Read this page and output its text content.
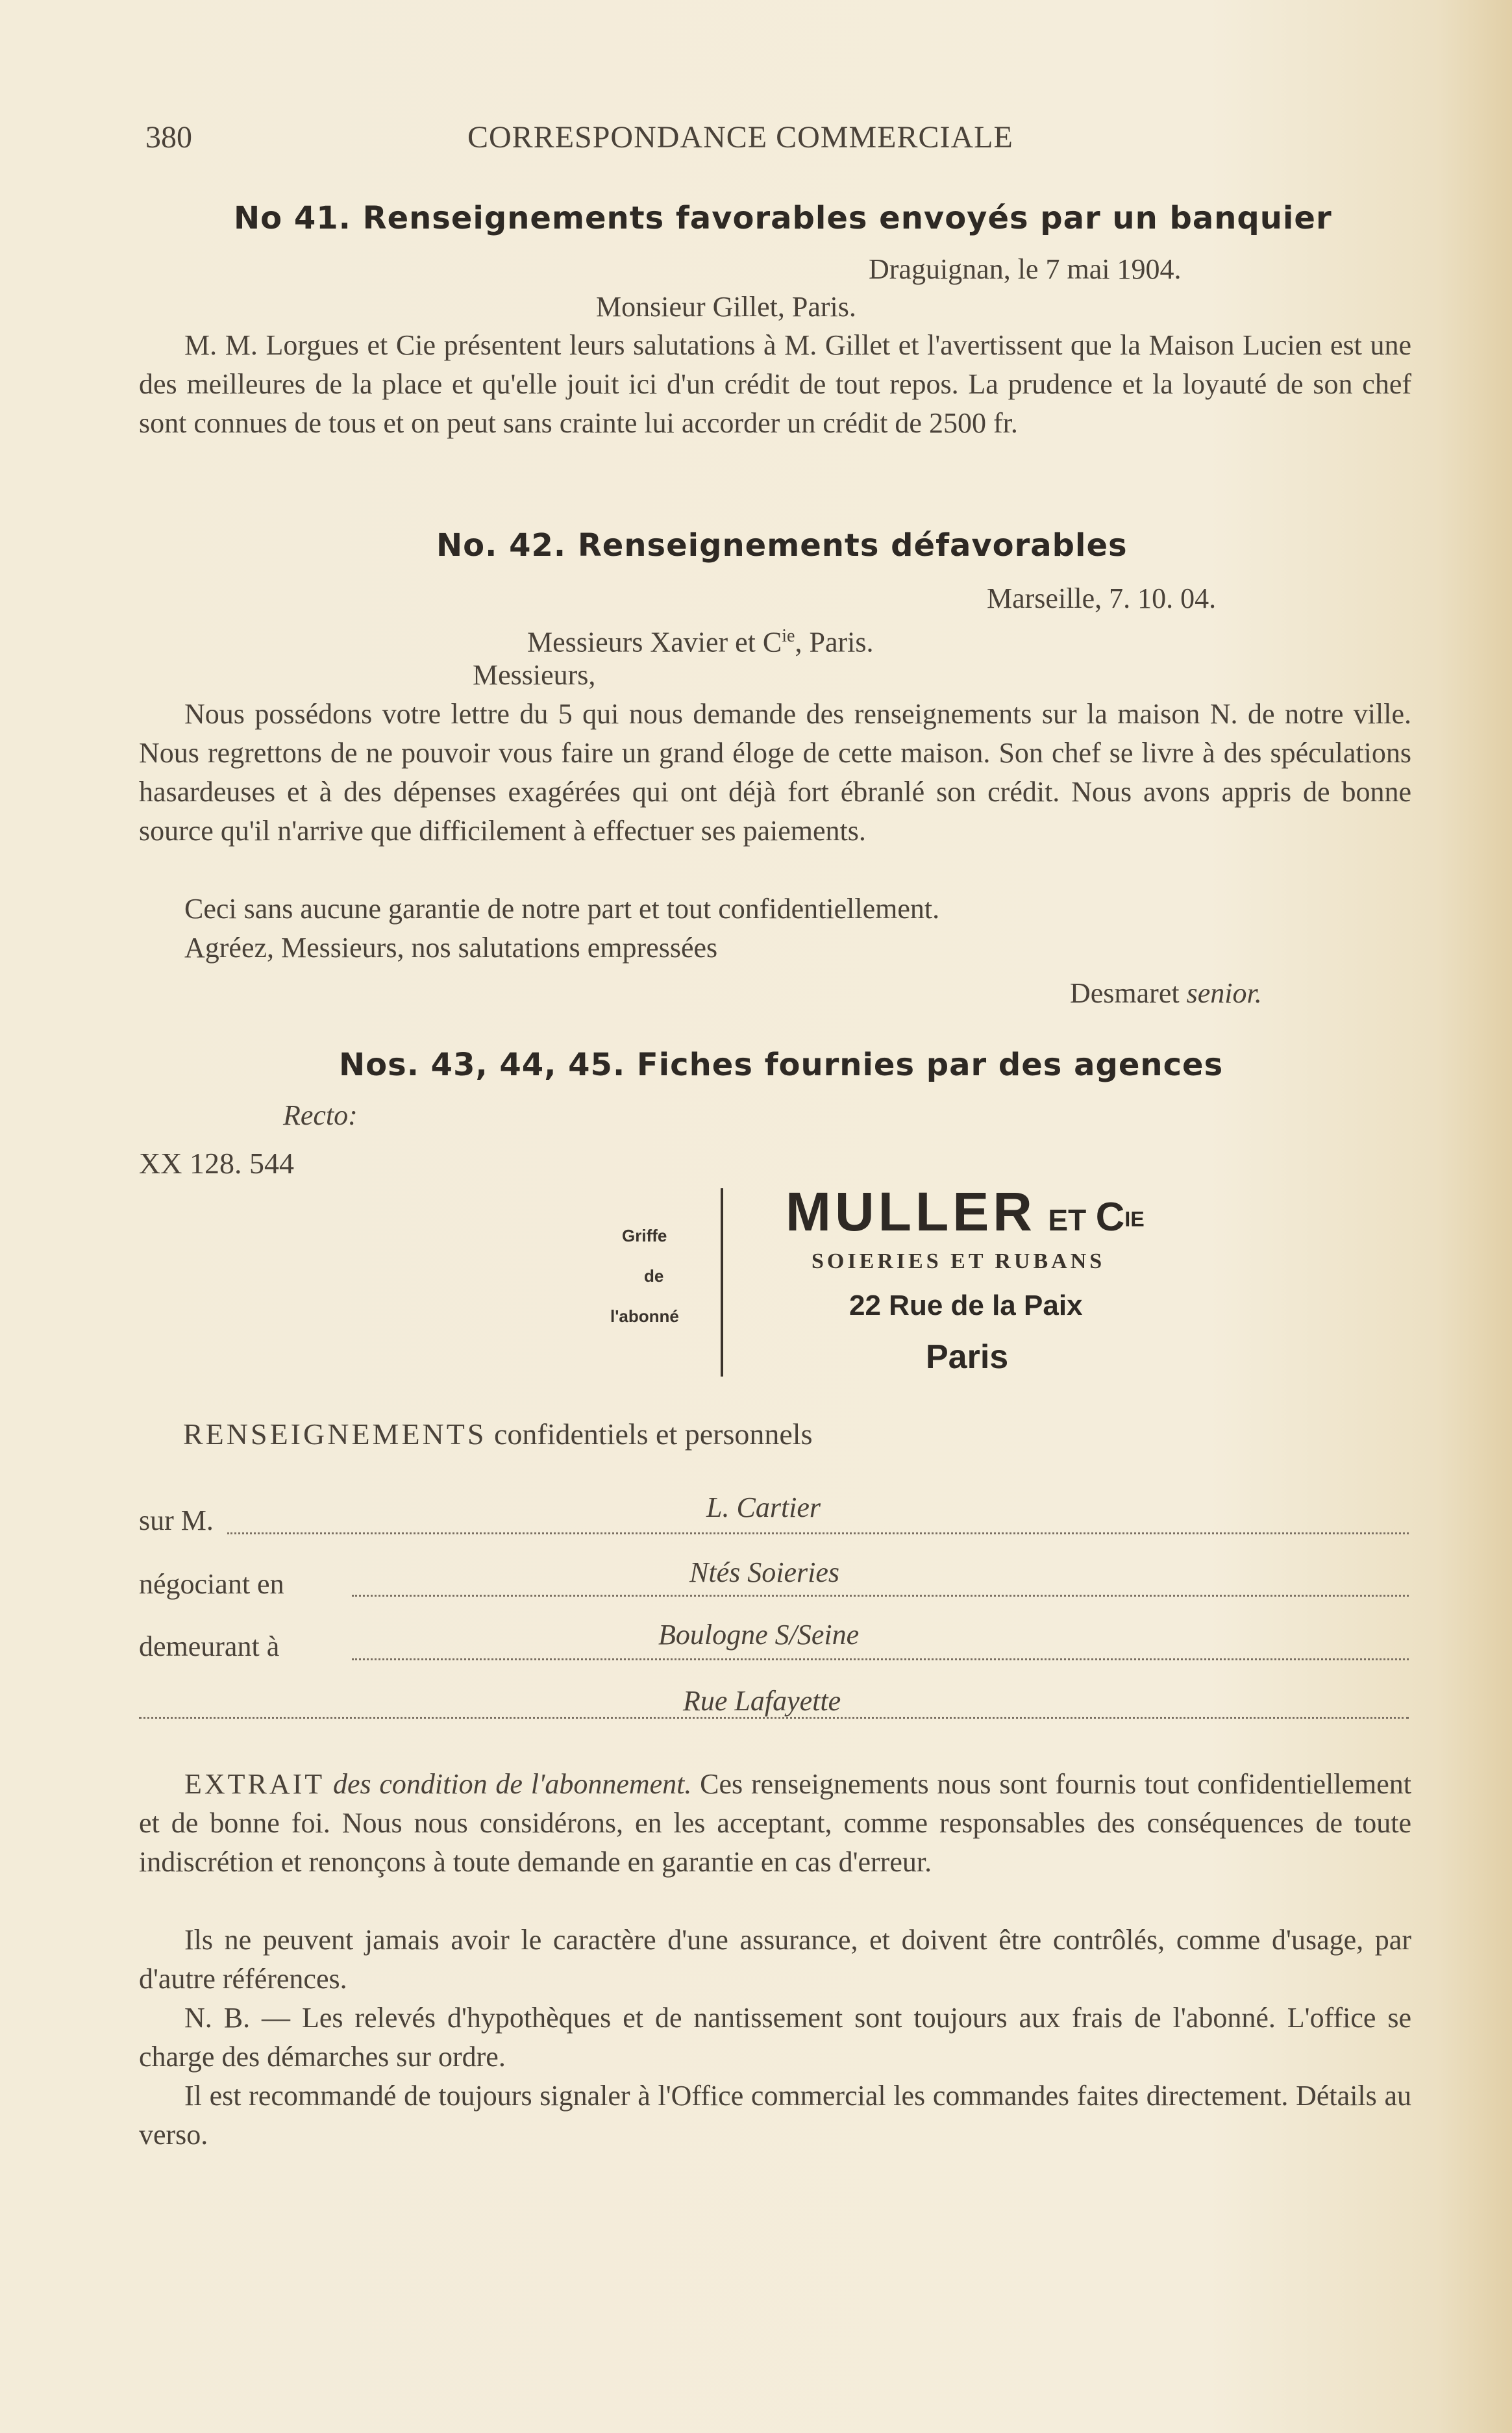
380	CORRESPONDANCE COMMERCIALE
No 41. Renseignements favorables envoyés par un banquier
Draguignan, le 7 mai 1904.
Monsieur Gillet, Paris.
M. M. Lorgues et Cie présentent leurs salutations à M. Gillet et l'avertissent que la Maison Lucien est une des meilleures de la place et qu'elle jouit ici d'un crédit de tout repos. La prudence et la loyauté de son chef sont connues de tous et on peut sans crainte lui accorder un crédit de 2500 fr.
No. 42. Renseignements défavorables
Marseille, 7. 10. 04.
Messieurs Xavier et $C^{ie}$, Paris.
Messieurs,
Nous possédons votre lettre du 5 qui nous demande des renseignements sur la maison N. de notre ville. Nous regrettons de ne pouvoir vous faire un grand éloge de cette maison. Son chef se livre à des spéculations hasardeuses et à des dépenses exagérées qui ont déjà fort ébranlé son crédit. Nous avons appris de bonne source qu'il n'arrive que difficilement à effectuer ses paiements.
Ceci sans aucune garantie de notre part et tout confidentiellement.
Agréez, Messieurs, nos salutations empressées
Desmaret senior.
Nos. 43, 44, 45. Fiches fournies par des agences
Recto:
XX 128. 544
Griffe
de
l'abonné
MULLER ET $C^{IE}$
SOIERIES ET RUBANS
22 Rue de la Paix
Paris
RENSEIGNEMENTS confidentiels et personnels
sur M.	L. Cartier
négociant en	Ntés Soieries
demeurant à	Boulogne S/Seine
Rue Lafayette
EXTRAIT des condition de l'abonnement. Ces renseignements nous sont fournis tout confidentiellement et de bonne foi. Nous nous considérons, en les acceptant, comme responsables des conséquences de toute indiscrétion et renonçons à toute demande en garantie en cas d'erreur.
Ils ne peuvent jamais avoir le caractère d'une assurance, et doivent être contrôlés, comme d'usage, par d'autre références.
N. B. — Les relevés d'hypothèques et de nantissement sont toujours aux frais de l'abonné. L'office se charge des démarches sur ordre.
Il est recommandé de toujours signaler à l'Office commercial les commandes faites directement. Détails au verso.
